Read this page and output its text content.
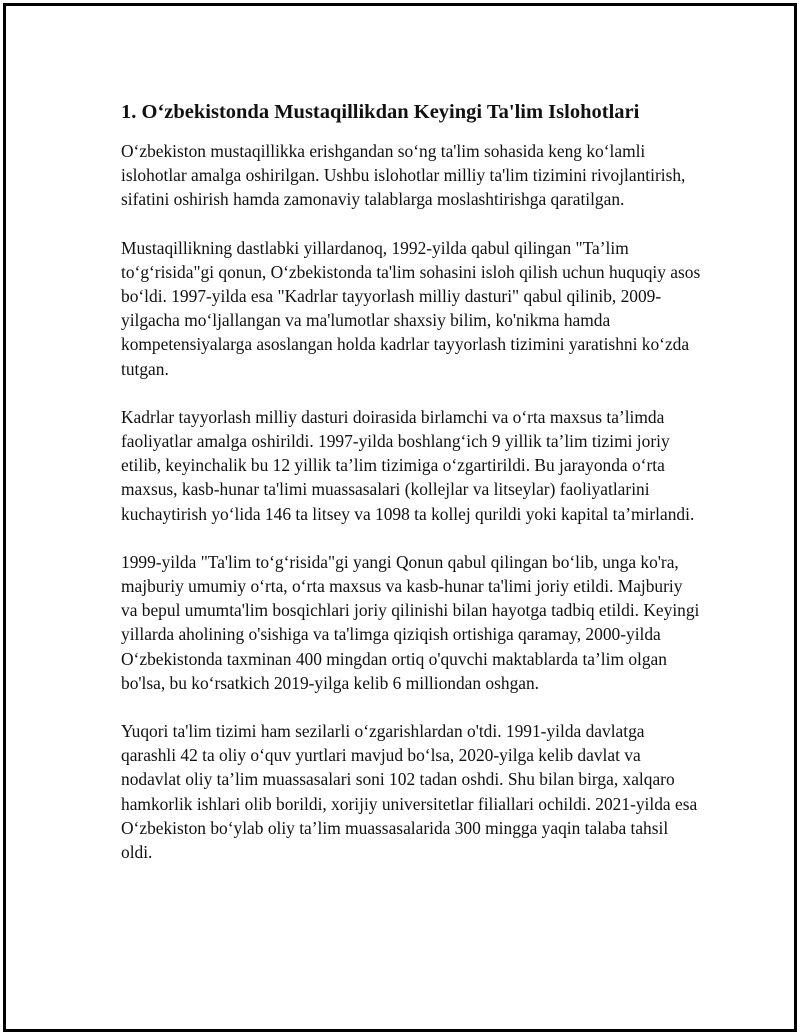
1. O‘zbekistonda Mustaqillikdan Keyingi Ta'lim Islohotlari

O‘zbekiston mustaqillikka erishgandan so‘ng ta'lim sohasida keng ko‘lamli islohotlar amalga oshirilgan. Ushbu islohotlar milliy ta'lim tizimini rivojlantirish, sifatini oshirish hamda zamonaviy talablarga moslashtirishga qaratilgan.

Mustaqillikning dastlabki yillardanoq, 1992-yilda qabul qilingan "Ta’lim to‘g‘risida"gi qonun, O‘zbekistonda ta'lim sohasini isloh qilish uchun huquqiy asos bo‘ldi. 1997-yilda esa "Kadrlar tayyorlash milliy dasturi" qabul qilinib, 2009-yilgacha mo‘ljallangan va ma'lumotlar shaxsiy bilim, ko'nikma hamda kompetensiyalarga asoslangan holda kadrlar tayyorlash tizimini yaratishni ko‘zda tutgan.

Kadrlar tayyorlash milliy dasturi doirasida birlamchi va o‘rta maxsus ta’limda faoliyatlar amalga oshirildi. 1997-yilda boshlang‘ich 9 yillik ta’lim tizimi joriy etilib, keyinchalik bu 12 yillik ta’lim tizimiga o‘zgartirildi. Bu jarayonda o‘rta maxsus, kasb-hunar ta'limi muassasalari (kollejlar va litseylar) faoliyatlarini kuchaytirish yo‘lida 146 ta litsey va 1098 ta kollej qurildi yoki kapital ta’mirlandi.

1999-yilda "Ta'lim to‘g‘risida"gi yangi Qonun qabul qilingan bo‘lib, unga ko'ra, majburiy umumiy o‘rta, o‘rta maxsus va kasb-hunar ta'limi joriy etildi. Majburiy va bepul umumta'lim bosqichlari joriy qilinishi bilan hayotga tadbiq etildi. Keyingi yillarda aholining o'sishiga va ta'limga qiziqish ortishiga qaramay, 2000-yilda O‘zbekistonda taxminan 400 mingdan ortiq o'quvchi maktablarda ta’lim olgan bo'lsa, bu ko‘rsatkich 2019-yilga kelib 6 milliondan oshgan.

Yuqori ta'lim tizimi ham sezilarli o‘zgarishlardan o'tdi. 1991-yilda davlatga qarashli 42 ta oliy o‘quv yurtlari mavjud bo‘lsa, 2020-yilga kelib davlat va nodavlat oliy ta’lim muassasalari soni 102 tadan oshdi. Shu bilan birga, xalqaro hamkorlik ishlari olib borildi, xorijiy universitetlar filiallari ochildi. 2021-yilda esa O‘zbekiston bo‘ylab oliy ta’lim muassasalarida 300 mingga yaqin talaba tahsil oldi.
